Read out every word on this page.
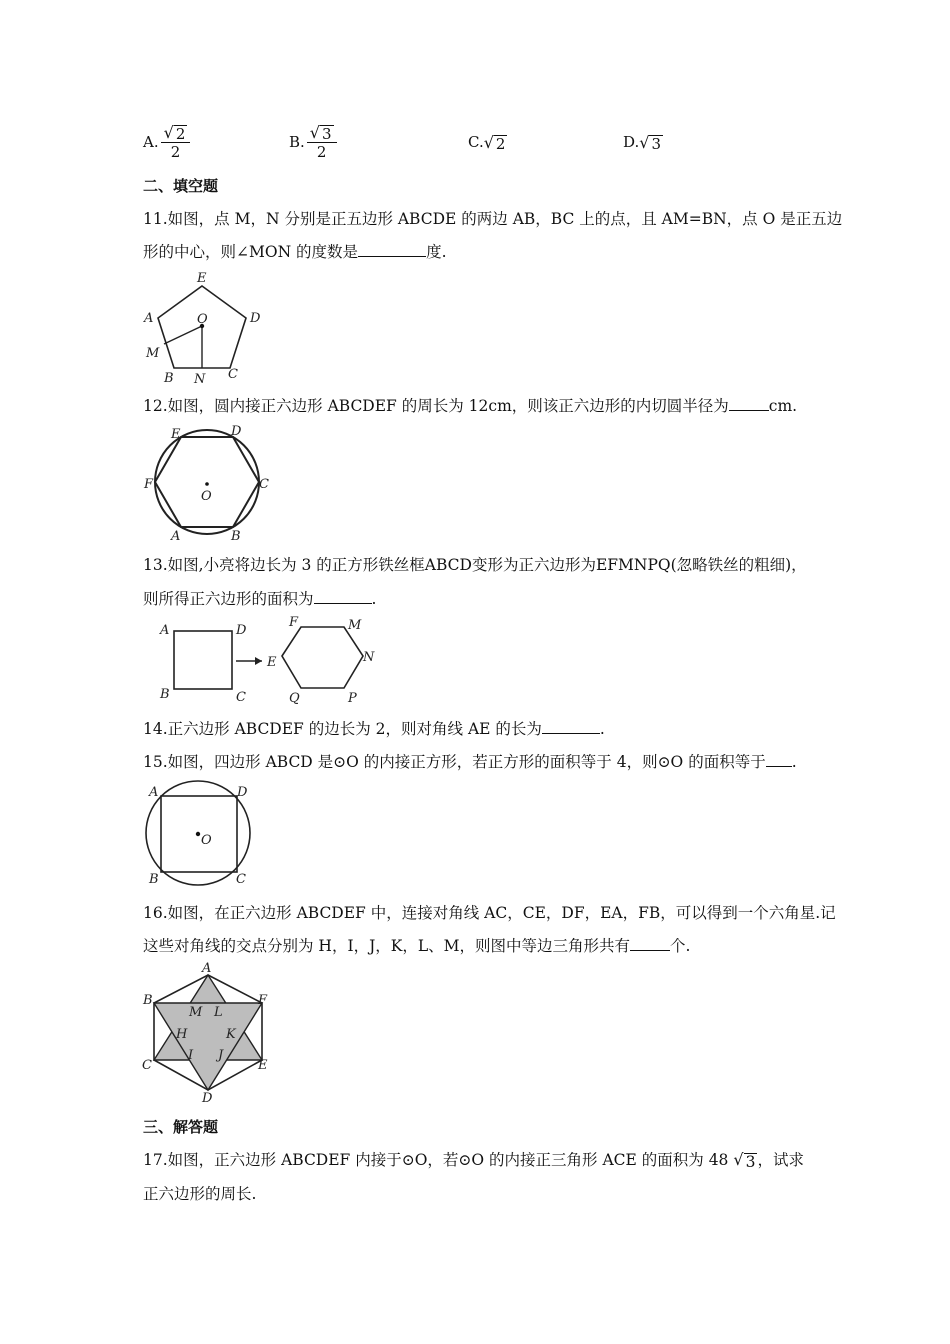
A. $\frac{√ 2}{2}$	B. $\frac{√ 3}{2}$	C. √ 2	D. √ 3
二、填空题
11.如图，点 M，N 分别是正五边形 ABCDE 的两边 AB，BC 上的点，且 AM=BN，点 O 是正五边
形的中心，则∠MON 的度数是	度.
E
A	D
O
M
B N C
12.如图，圆内接正六边形 ABCDEF 的周长为 12cm，则该正六边形的内切圆半径为	cm.
E	D
F	C
O
A	B
13.如图,小亮将边长为 3 的正方形铁丝框ABCD变形为正六边形为EFMNPQ(忽略铁丝的粗细)，
则所得正六边形的面积为	.
A	D
B	C
E
F	M
N
P
Q
14.正六边形 ABCDEF 的边长为 2，则对角线 AE 的长为	.
15.如图，四边形 ABCD 是⊙O 的内接正方形，若正方形的面积等于 4，则⊙O 的面积等于 .
A	D
O
B	C
16.如图，在正六边形 ABCDEF 中，连接对角线 AC，CE，DF，EA，FB，可以得到一个六角星.记
这些对角线的交点分别为 H，I，J，K，L、M，则图中等边三角形共有	个.
A
B	F
M L
H	K
C	E
I J
D
三、解答题
17.如图，正六边形 ABCDEF 内接于⊙O，若⊙O 的内接正三角形 ACE 的面积为 48 √ 3 ，试求
正六边形的周长.
